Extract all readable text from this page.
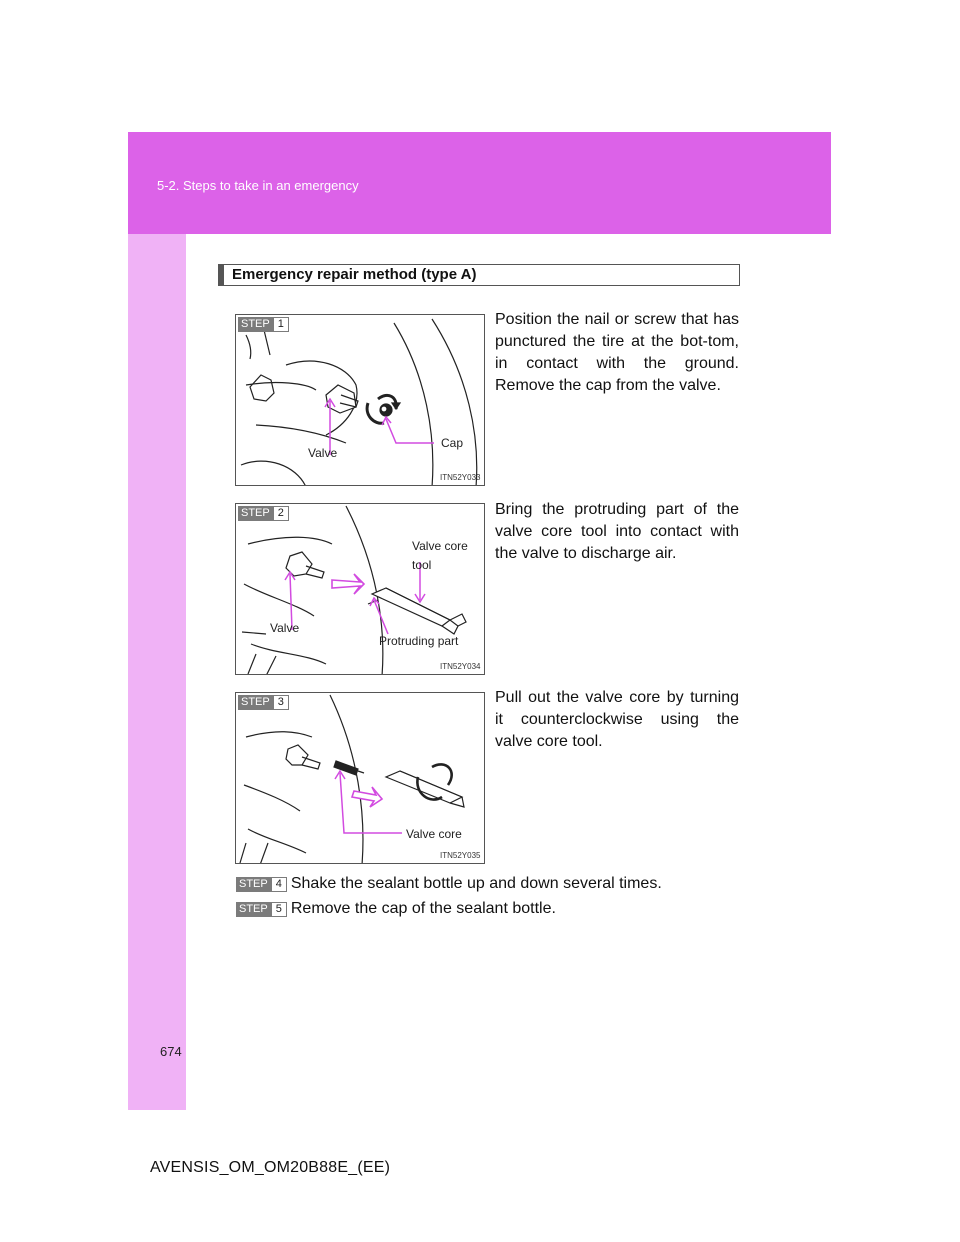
5-2. Steps to take in an emergency
Emergency repair method (type A)
STEP 1
Valve
Cap
ITN52Y033
Position the nail or screw that has punctured the tire at the bot-tom, in contact with the ground. Remove the cap from the valve.
STEP 2
Valve core
tool
Valve
Protruding part
ITN52Y034
Bring the protruding part of the valve core tool into contact with the valve to discharge air.
STEP 3
Valve core
ITN52Y035
Pull out the valve core by turning it counterclockwise using the valve core tool.
STEP 4 Shake the sealant bottle up and down several times.
STEP 5 Remove the cap of the sealant bottle.
674
AVENSIS_OM_OM20B88E_(EE)
